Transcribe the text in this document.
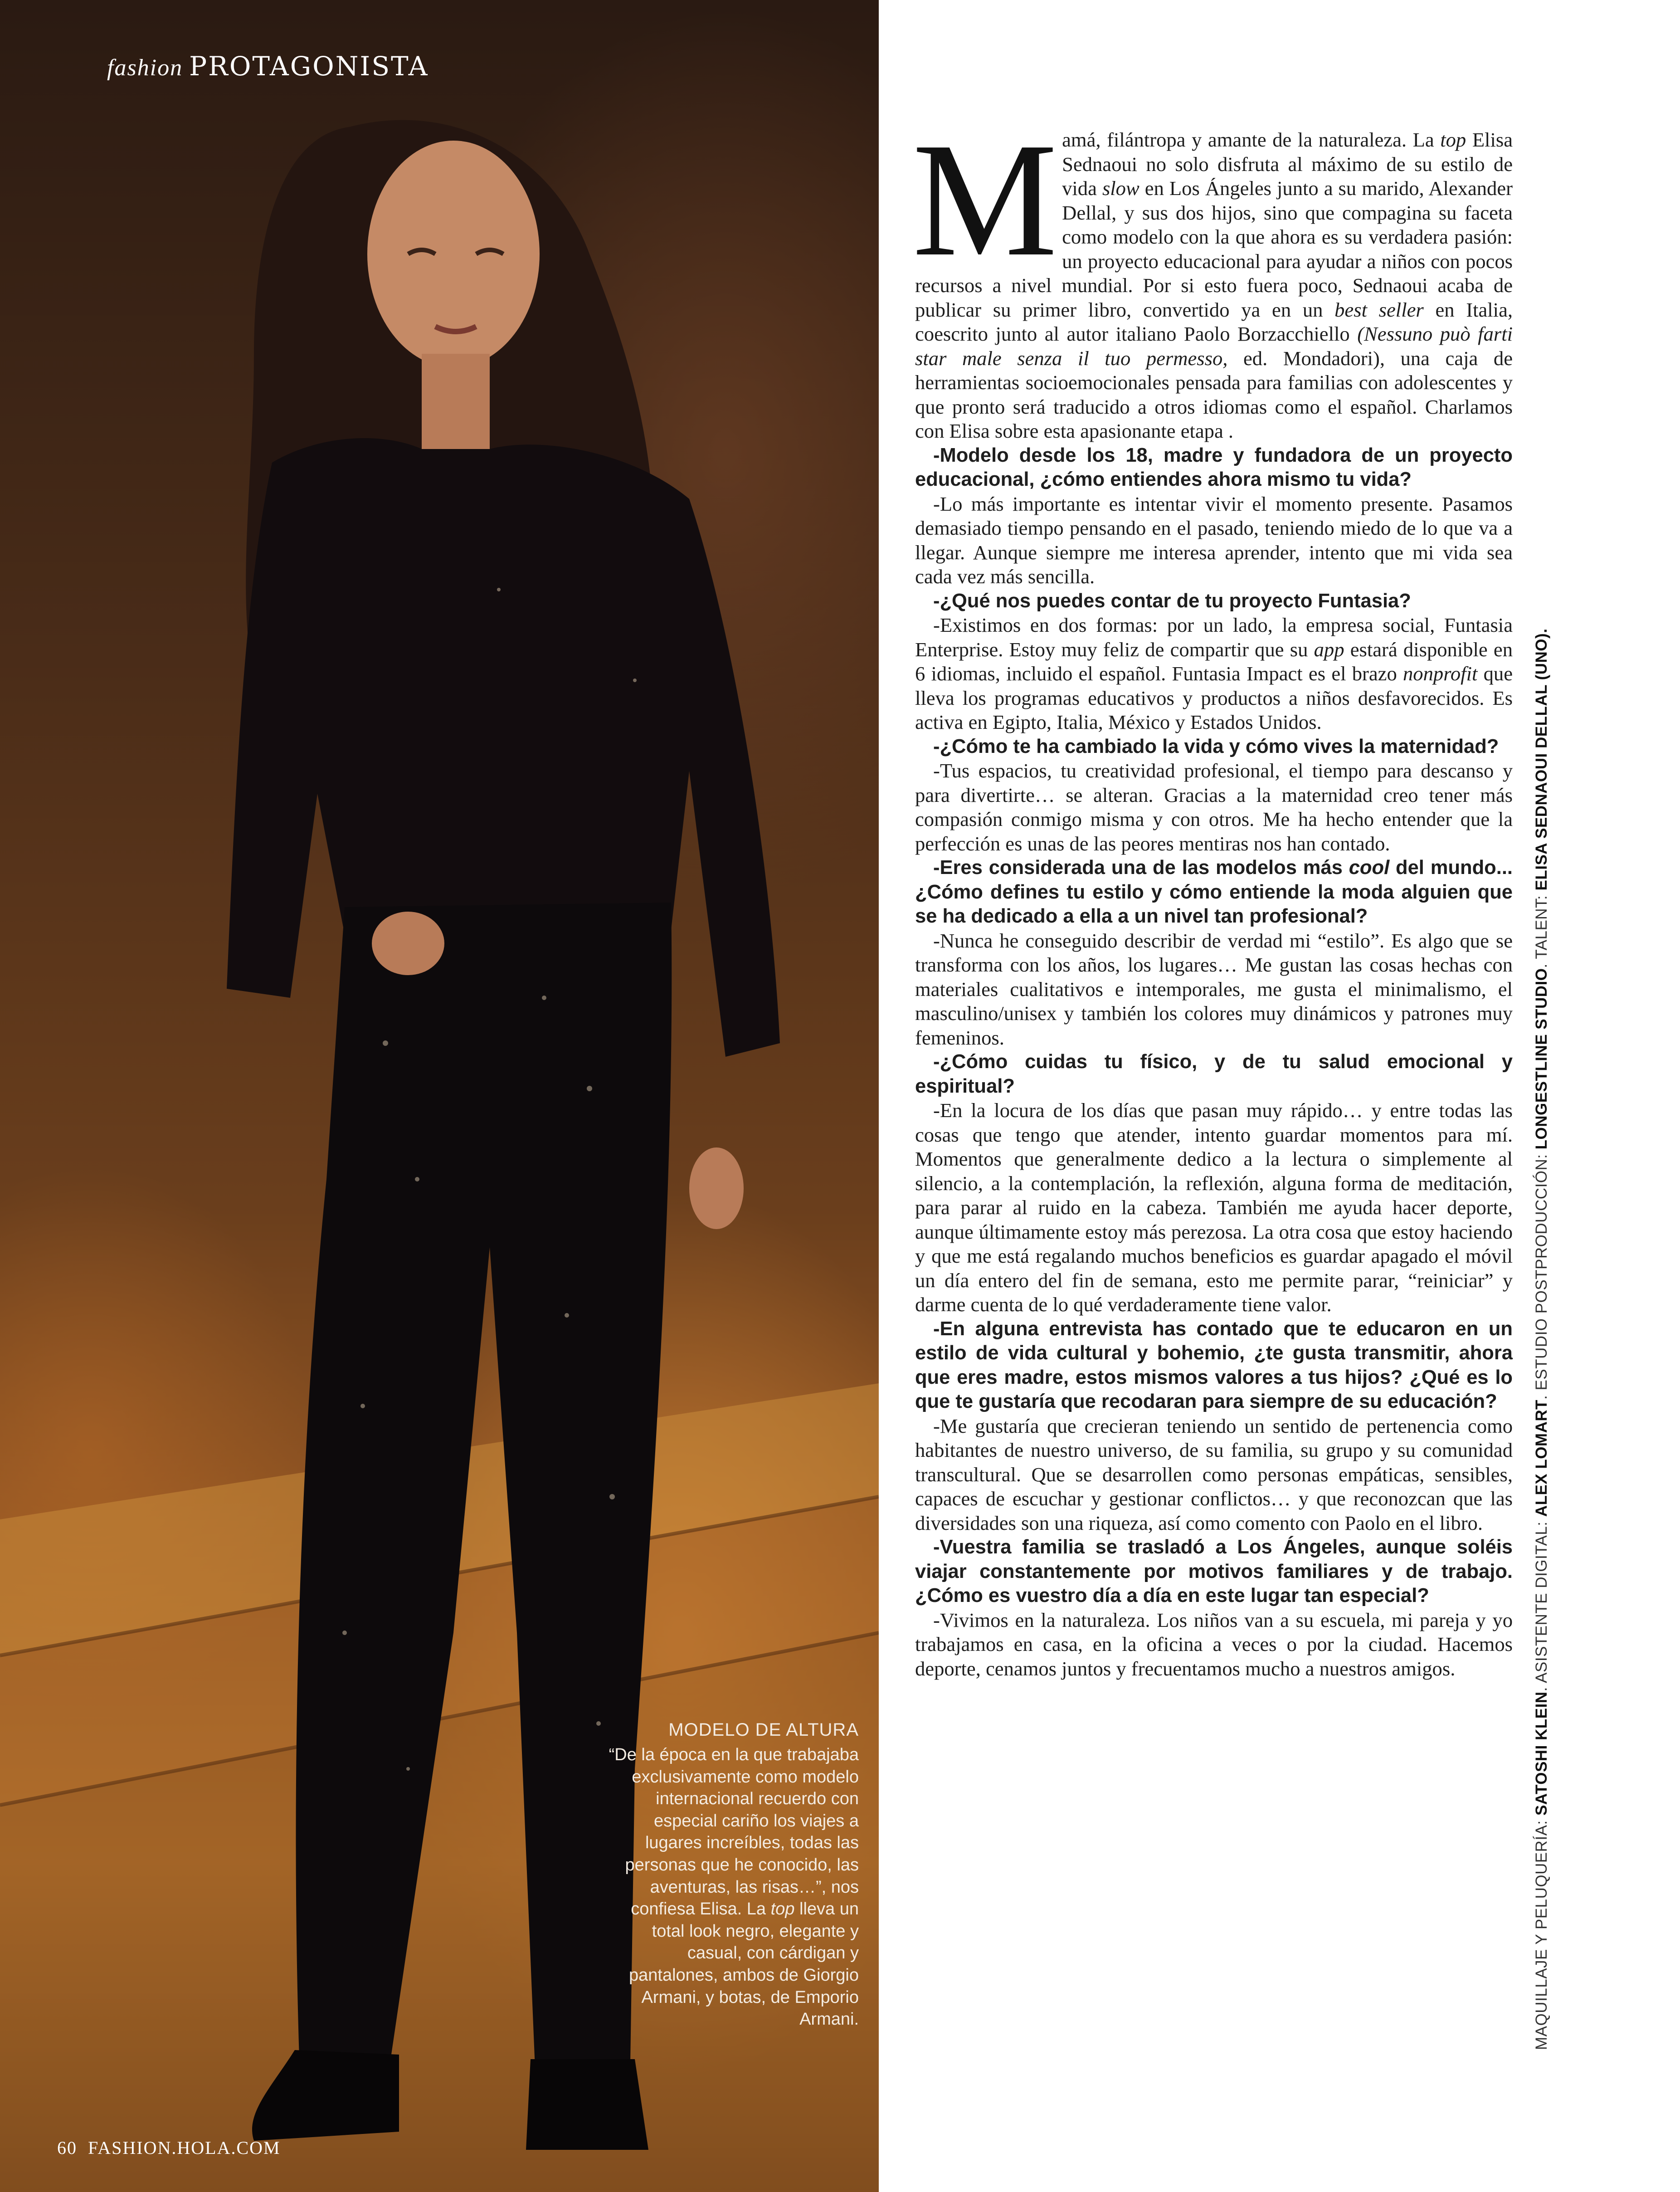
fashion PROTAGONISTA
MODELO DE ALTURA
“De la época en la que trabajaba exclusivamente como modelo internacional recuerdo con especial cariño los viajes a lugares increíbles, todas las personas que he conocido, las aventuras, las risas…”, nos confiesa Elisa. La top lleva un total look negro, elegante y casual, con cárdigan y pantalones, ambos de Giorgio Armani, y botas, de Emporio Armani.
60 FASHION.HOLA.COM

Mamá, filántropa y amante de la naturaleza. La top Elisa Sednaoui no solo disfruta al máximo de su estilo de vida slow en Los Ángeles junto a su marido, Alexander Dellal, y sus dos hijos, sino que compagina su faceta como modelo con la que ahora es su verdadera pasión: un proyecto educacional para ayudar a niños con pocos recursos a nivel mundial. Por si esto fuera poco, Sednaoui acaba de publicar su primer libro, convertido ya en un best seller en Italia, coescrito junto al autor italiano Paolo Borzacchiello (Nessuno può farti star male senza il tuo permesso, ed. Mondadori), una caja de herramientas socioemocionales pensada para familias con adolescentes y que pronto será traducido a otros idiomas como el español. Charlamos con Elisa sobre esta apasionante etapa .

-Modelo desde los 18, madre y fundadora de un proyecto educacional, ¿cómo entiendes ahora mismo tu vida?

-Lo más importante es intentar vivir el momento presente. Pasamos demasiado tiempo pensando en el pasado, teniendo miedo de lo que va a llegar. Aunque siempre me interesa aprender, intento que mi vida sea cada vez más sencilla.

-¿Qué nos puedes contar de tu proyecto Funtasia?

-Existimos en dos formas: por un lado, la empresa social, Funtasia Enterprise. Estoy muy feliz de compartir que su app estará disponible en 6 idiomas, incluido el español. Funtasia Impact es el brazo nonprofit que lleva los programas educativos y productos a niños desfavorecidos. Es activa en Egipto, Italia, México y Estados Unidos.

-¿Cómo te ha cambiado la vida y cómo vives la maternidad?

-Tus espacios, tu creatividad profesional, el tiempo para descanso y para divertirte… se alteran. Gracias a la maternidad creo tener más compasión conmigo misma y con otros. Me ha hecho entender que la perfección es unas de las peores mentiras nos han contado.

-Eres considerada una de las modelos más cool del mundo... ¿Cómo defines tu estilo y cómo entiende la moda alguien que se ha dedicado a ella a un nivel tan profesional?

-Nunca he conseguido describir de verdad mi “estilo”. Es algo que se transforma con los años, los lugares… Me gustan las cosas hechas con materiales cualitativos e intemporales, me gusta el minimalismo, el masculino/unisex y también los colores muy dinámicos y patrones muy femeninos.

-¿Cómo cuidas tu físico, y de tu salud emocional y espiritual?

-En la locura de los días que pasan muy rápido… y entre todas las cosas que tengo que atender, intento guardar momentos para mí. Momentos que generalmente dedico a la lectura o simplemente al silencio, a la contemplación, la reflexión, alguna forma de meditación, para parar al ruido en la cabeza. También me ayuda hacer deporte, aunque últimamente estoy más perezosa. La otra cosa que estoy haciendo y que me está regalando muchos beneficios es guardar apagado el móvil un día entero del fin de semana, esto me permite parar, “reiniciar” y darme cuenta de lo qué verdaderamente tiene valor.

-En alguna entrevista has contado que te educaron en un estilo de vida cultural y bohemio, ¿te gusta transmitir, ahora que eres madre, estos mismos valores a tus hijos? ¿Qué es lo que te gustaría que recodaran para siempre de su educación?

-Me gustaría que crecieran teniendo un sentido de pertenencia como habitantes de nuestro universo, de su familia, su grupo y su comunidad transcultural. Que se desarrollen como personas empáticas, sensibles, capaces de escuchar y gestionar conflictos… y que reconozcan que las diversidades son una riqueza, así como comento con Paolo en el libro.

-Vuestra familia se trasladó a Los Ángeles, aunque soléis viajar constantemente por motivos familiares y de trabajo. ¿Cómo es vuestro día a día en este lugar tan especial?

-Vivimos en la naturaleza. Los niños van a su escuela, mi pareja y yo trabajamos en casa, en la oficina a veces o por la ciudad. Hacemos deporte, cenamos juntos y frecuentamos mucho a nuestros amigos.

MAQUILLAJE Y PELUQUERÍA: SATOSHI KLEIN. ASISTENTE DIGITAL: ALEX LOMART. ESTUDIO POSTPRODUCCIÓN: LONGESTLINE STUDIO. TALENT: ELISA SEDNAOUI DELLAL (UNO).
